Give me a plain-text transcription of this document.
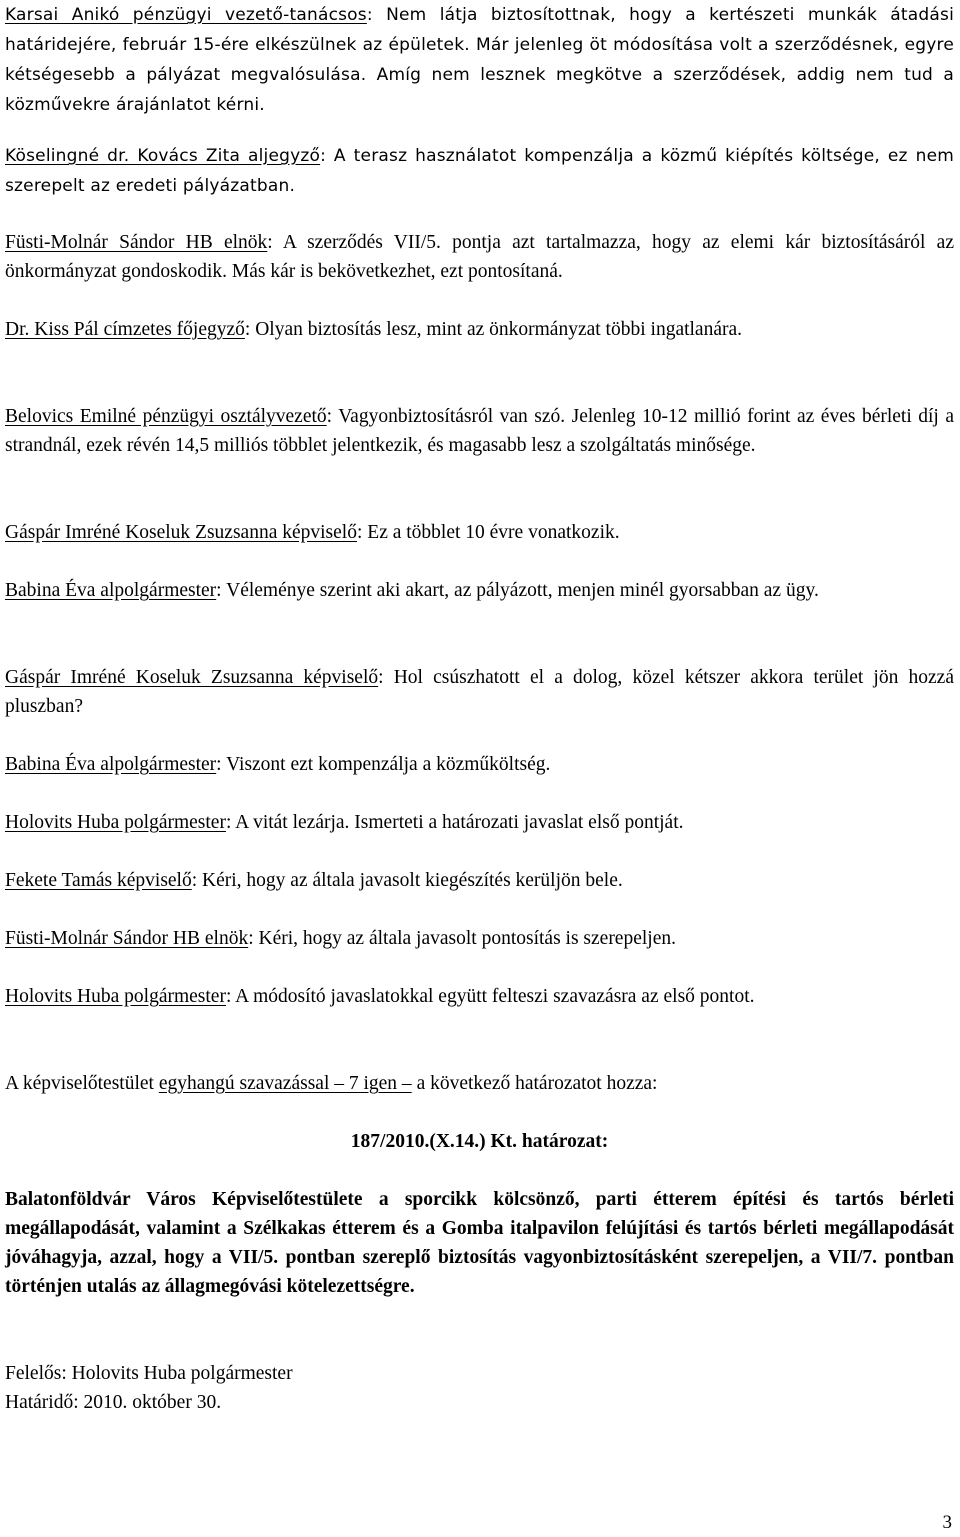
Karsai Anikó pénzügyi vezető-tanácsos: Nem látja biztosítottnak, hogy a kertészeti munkák átadási határidejére, február 15-ére elkészülnek az épületek. Már jelenleg öt módosítása volt a szerződésnek, egyre kétségesebb a pályázat megvalósulása. Amíg nem lesznek megkötve a szerződések, addig nem tud a közművekre árajánlatot kérni.

Köselingné dr. Kovács Zita aljegyző: A terasz használatot kompenzálja a közmű kiépítés költsége, ez nem szerepelt az eredeti pályázatban.

Füsti-Molnár Sándor HB elnök: A szerződés VII/5. pontja azt tartalmazza, hogy az elemi kár biztosításáról az önkormányzat gondoskodik. Más kár is bekövetkezhet, ezt pontosítaná.

Dr. Kiss Pál címzetes főjegyző: Olyan biztosítás lesz, mint az önkormányzat többi ingatlanára.

Belovics Emilné pénzügyi osztályvezető: Vagyonbiztosításról van szó. Jelenleg 10-12 millió forint az éves bérleti díj a strandnál, ezek révén 14,5 milliós többlet jelentkezik, és magasabb lesz a szolgáltatás minősége.

Gáspár Imréné Koseluk Zsuzsanna képviselő: Ez a többlet 10 évre vonatkozik.

Babina Éva alpolgármester: Véleménye szerint aki akart, az pályázott, menjen minél gyorsabban az ügy.

Gáspár Imréné Koseluk Zsuzsanna képviselő: Hol csúszhatott el a dolog, közel kétszer akkora terület jön hozzá pluszban?

Babina Éva alpolgármester: Viszont ezt kompenzálja a közműköltség.

Holovits Huba polgármester: A vitát lezárja. Ismerteti a határozati javaslat első pontját.

Fekete Tamás képviselő: Kéri, hogy az általa javasolt kiegészítés kerüljön bele.

Füsti-Molnár Sándor HB elnök: Kéri, hogy az általa javasolt pontosítás is szerepeljen.

Holovits Huba polgármester: A módosító javaslatokkal együtt felteszi szavazásra az első pontot.

A képviselőtestület egyhangú szavazással – 7 igen – a következő határozatot hozza:

187/2010.(X.14.) Kt. határozat:

Balatonföldvár Város Képviselőtestülete a sporcikk kölcsönző, parti étterem építési és tartós bérleti megállapodását, valamint a Szélkakas étterem és a Gomba italpavilon felújítási és tartós bérleti megállapodását jóváhagyja, azzal, hogy a VII/5. pontban szereplő biztosítás vagyonbiztosításként szerepeljen, a VII/7. pontban történjen utalás az állagmegóvási kötelezettségre.

Felelős: Holovits Huba polgármester

Határidő: 2010. október 30.

3
